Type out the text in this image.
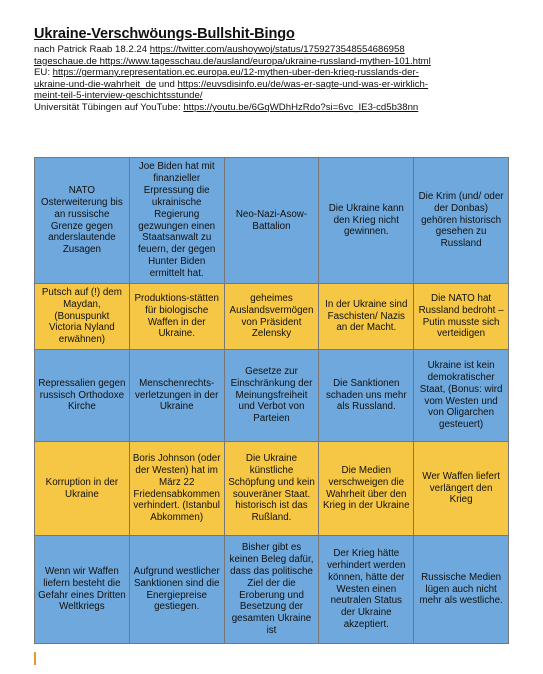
Ukraine-Verschwöungs-Bullshit-Bingo
nach Patrick Raab 18.2.24 https://twitter.com/aushoywoj/status/1759273548554686958
tageschaue.de https://www.tagesschau.de/ausland/europa/ukraine-russland-mythen-101.html
EU: https://germany.representation.ec.europa.eu/12-mythen-uber-den-krieg-russlands-der-
ukraine-und-die-wahrheit_de und https://euvsdisinfo.eu/de/was-er-sagte-und-was-er-wirklich-
meint-teil-5-interview-geschichtsstunde/
Universität Tübingen auf YouTube: https://youtu.be/6GqWDhHzRdo?si=6vc_IE3-cd5b38nn
NATO Osterweiterung bis an russische Grenze gegen anderslautende Zusagen	Joe Biden hat mit finanzieller Erpressung die ukrainische Regierung gezwungen einen Staatsanwalt zu feuern, der gegen Hunter Biden ermittelt hat.	Neo-Nazi-Asow-Battalion	Die Ukraine kann den Krieg nicht gewinnen.	Die Krim (und/ oder der Donbas) gehören historisch gesehen zu Russland
Putsch auf (!) dem Maydan, (Bonuspunkt Victoria Nyland erwähnen)	Produktions-stätten für biologische Waffen in der Ukraine.	geheimes Auslandsvermögen von Präsident Zelensky	In der Ukraine sind Faschisten/ Nazis an der Macht.	Die NATO hat Russland bedroht – Putin musste sich verteidigen
Repressalien gegen russisch Orthodoxe Kirche	Menschenrechts-verletzungen in der Ukraine	Gesetze zur Einschränkung der Meinungsfreiheit und Verbot von Parteien	Die Sanktionen schaden uns mehr als Russland.	Ukraine ist kein demokratischer Staat, (Bonus: wird vom Westen und von Oligarchen gesteuert)
Korruption in der Ukraine	Boris Johnson (oder der Westen) hat im März 22 Friedensabkommen verhindert. (Istanbul Abkommen)	Die Ukraine künstliche Schöpfung und kein souveräner Staat. historisch ist das Rußland.	Die Medien verschweigen die Wahrheit über den Krieg in der Ukraine	Wer Waffen liefert verlängert den Krieg
Wenn wir Waffen liefern besteht die Gefahr eines Dritten Weltkriegs	Aufgrund westlicher Sanktionen sind die Energiepreise gestiegen.	Bisher gibt es keinen Beleg dafür, dass das politische Ziel der die Eroberung und Besetzung der gesamten Ukraine ist	Der Krieg hätte verhindert werden können, hätte der Westen einen neutralen Status der Ukraine akzeptiert.	Russische Medien lügen auch nicht mehr als westliche.
